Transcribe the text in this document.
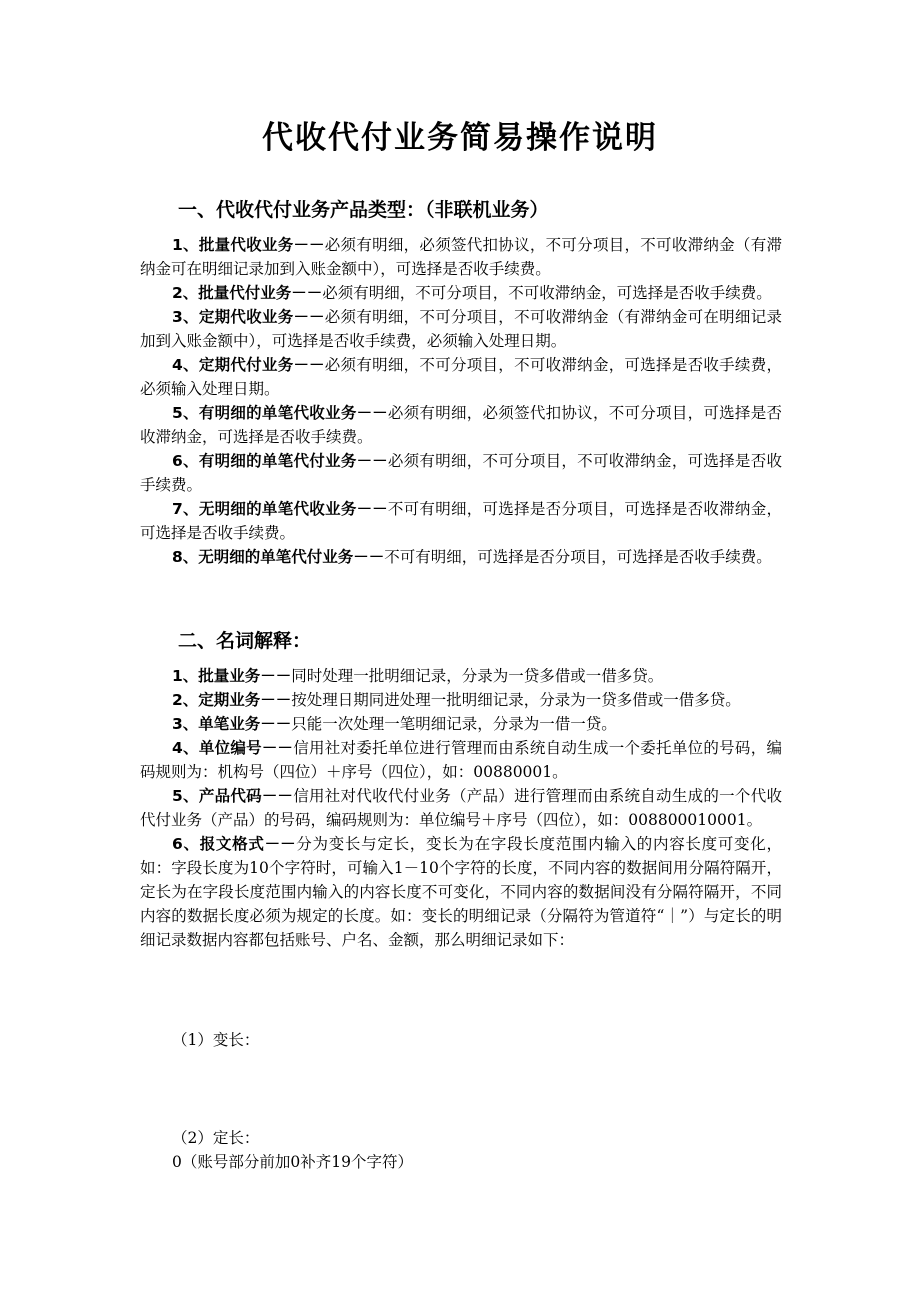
代收代付业务简易操作说明
一、代收代付业务产品类型：（非联机业务）

1、批量代收业务－－必须有明细，必须签代扣协议，不可分项目，不可收滞纳金（有滞纳金可在明细记录加到入账金额中），可选择是否收手续费。

2、批量代付业务－－必须有明细，不可分项目，不可收滞纳金，可选择是否收手续费。

3、定期代收业务－－必须有明细，不可分项目，不可收滞纳金（有滞纳金可在明细记录加到入账金额中），可选择是否收手续费，必须输入处理日期。

4、定期代付业务－－必须有明细，不可分项目，不可收滞纳金，可选择是否收手续费，必须输入处理日期。

5、有明细的单笔代收业务－－必须有明细，必须签代扣协议，不可分项目，可选择是否收滞纳金，可选择是否收手续费。

6、有明细的单笔代付业务－－必须有明细，不可分项目，不可收滞纳金，可选择是否收手续费。

7、无明细的单笔代收业务－－不可有明细，可选择是否分项目，可选择是否收滞纳金，可选择是否收手续费。

8、无明细的单笔代付业务－－不可有明细，可选择是否分项目，可选择是否收手续费。

二、名词解释：

1、批量业务－－同时处理一批明细记录，分录为一贷多借或一借多贷。

2、定期业务－－按处理日期同进处理一批明细记录，分录为一贷多借或一借多贷。

3、单笔业务－－只能一次处理一笔明细记录，分录为一借一贷。

4、单位编号－－信用社对委托单位进行管理而由系统自动生成一个委托单位的号码，编码规则为：机构号（四位）＋序号（四位），如：00880001。

5、产品代码－－信用社对代收代付业务（产品）进行管理而由系统自动生成的一个代收代付业务（产品）的号码，编码规则为：单位编号＋序号（四位），如：008800010001。

6、报文格式－－分为变长与定长，变长为在字段长度范围内输入的内容长度可变化，如：字段长度为10个字符时，可输入1－10个字符的长度，不同内容的数据间用分隔符隔开，定长为在字段长度范围内输入的内容长度不可变化，不同内容的数据间没有分隔符隔开，不同内容的数据长度必须为规定的长度。如：变长的明细记录（分隔符为管道符“｜”）与定长的明细记录数据内容都包括账号、户名、金额，那么明细记录如下：

（1）变长：
（2）定长：
0（账号部分前加0补齐19个字符）
